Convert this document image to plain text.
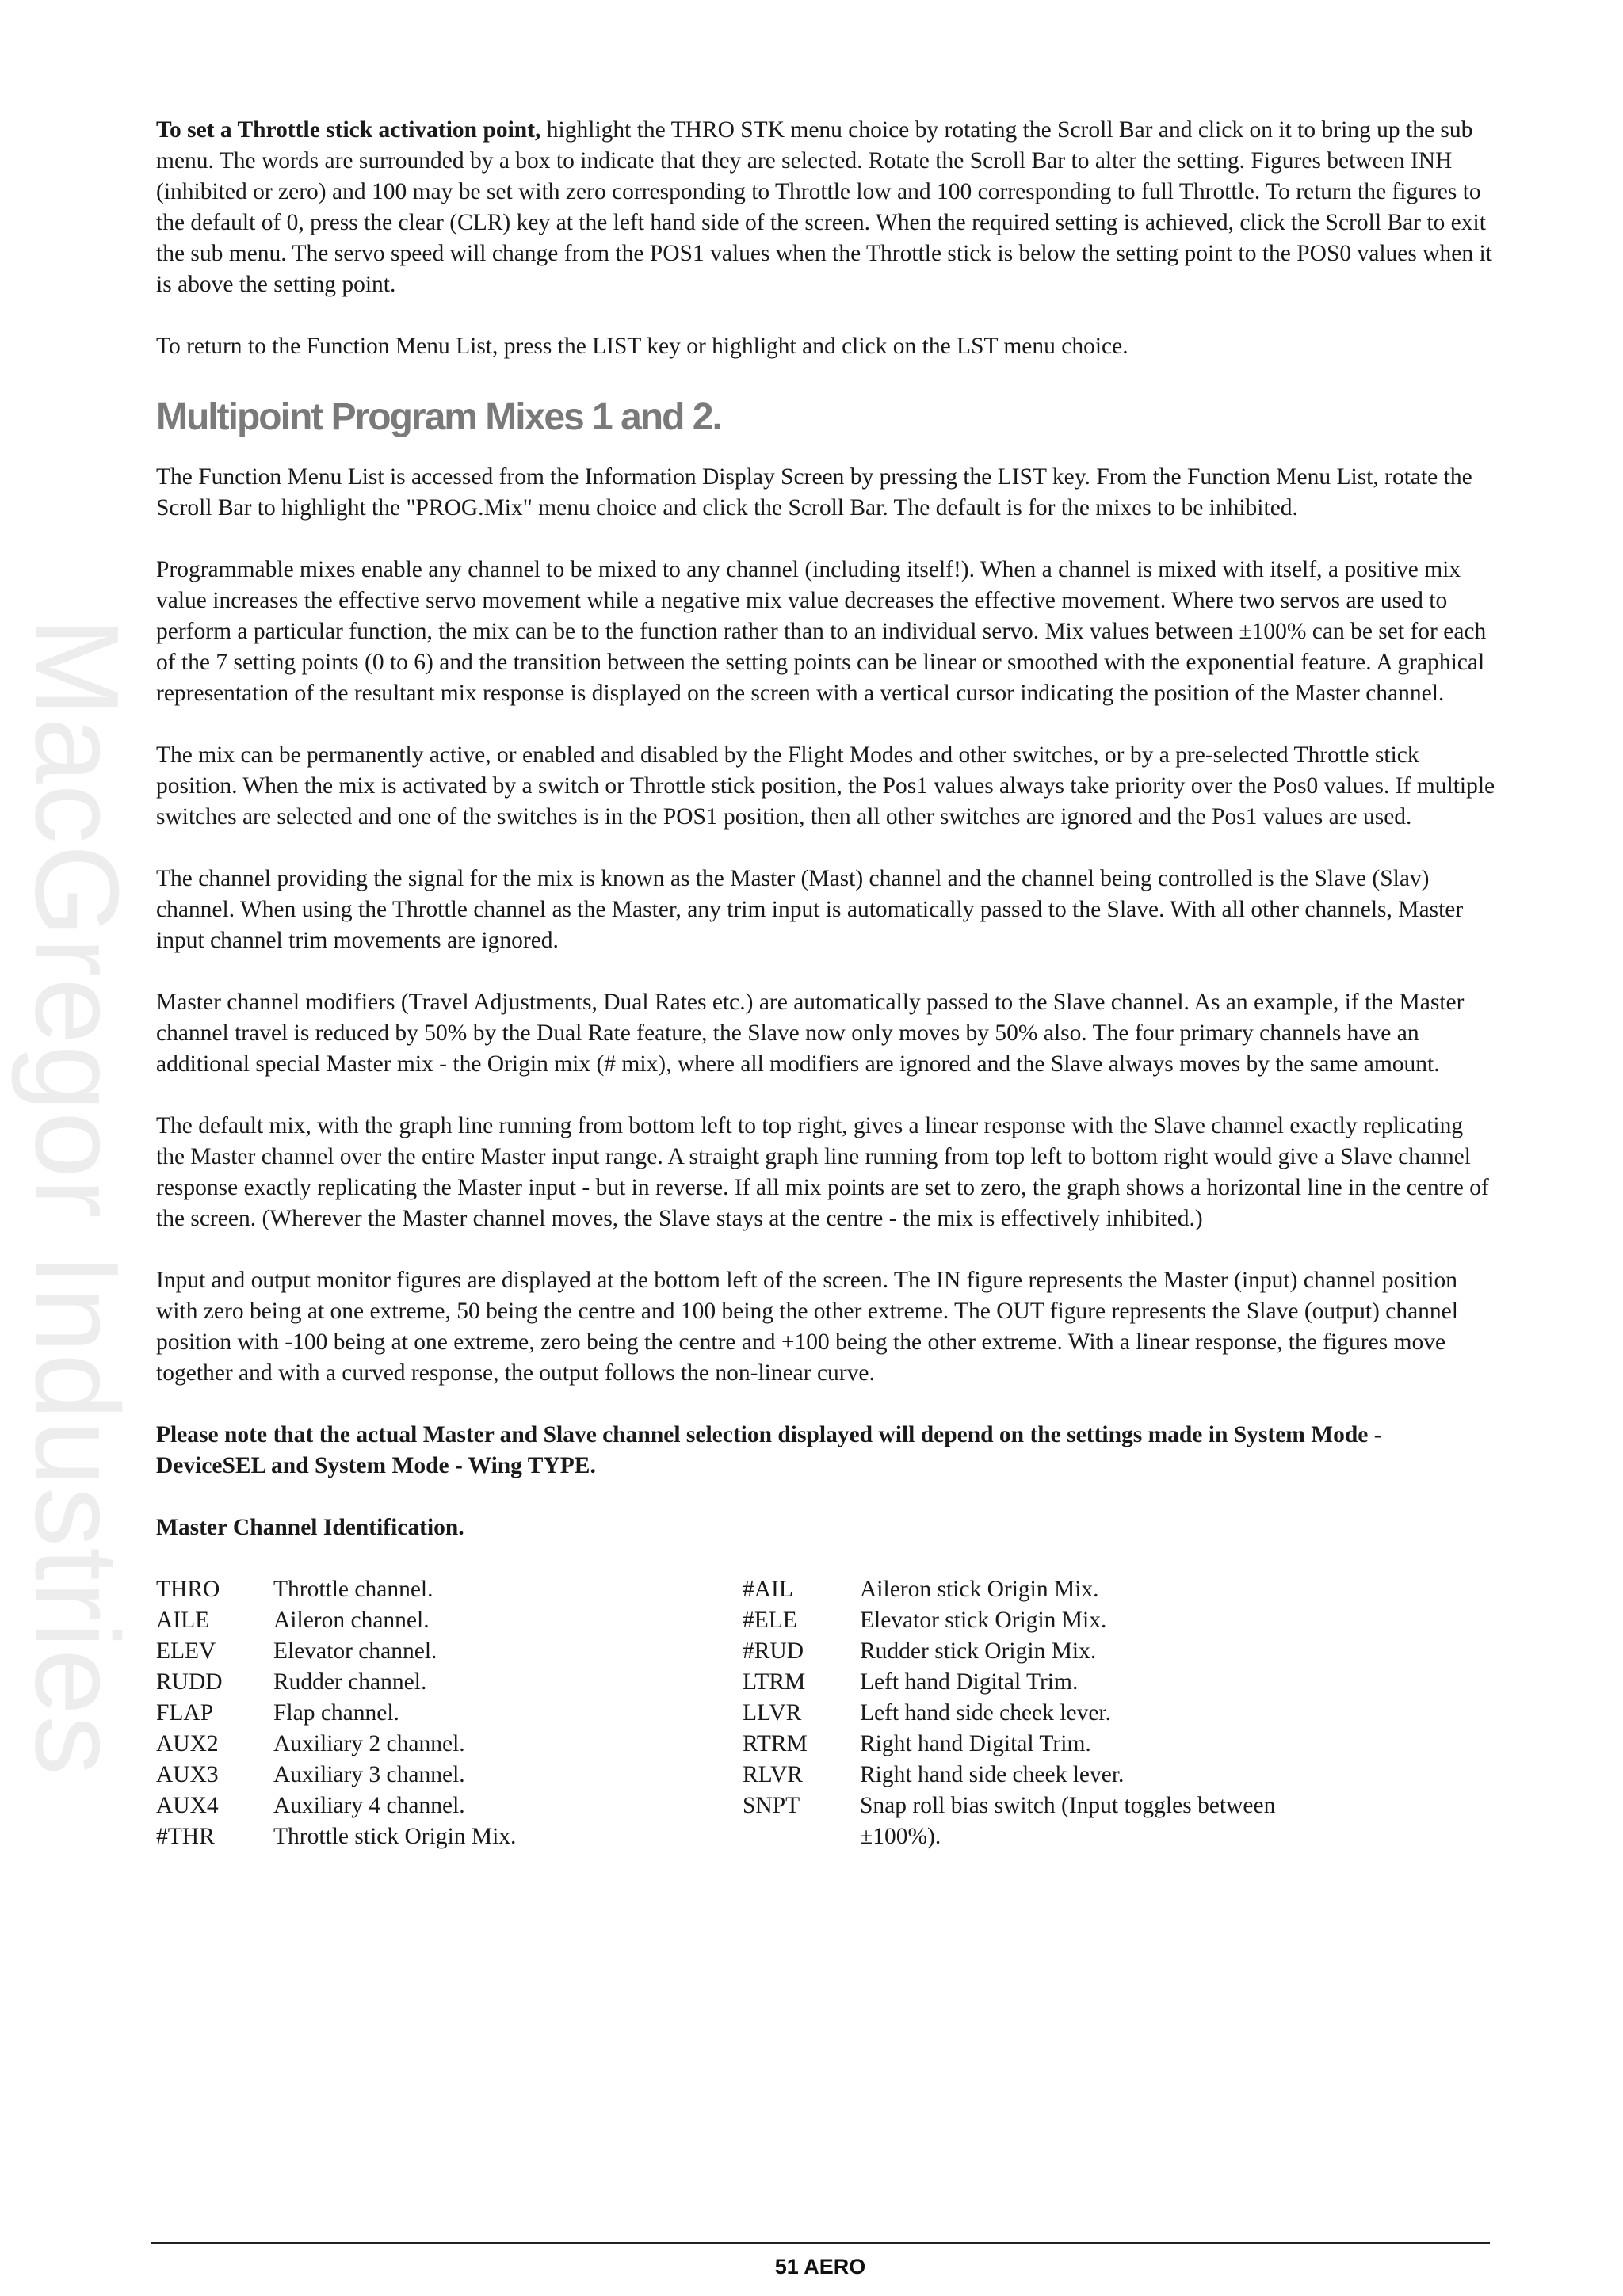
MacGregor Industries

To set a Throttle stick activation point, highlight the THRO STK menu choice by rotating the Scroll Bar and click on it to bring up the sub menu. The words are surrounded by a box to indicate that they are selected. Rotate the Scroll Bar to alter the setting. Figures between INH (inhibited or zero) and 100 may be set with zero corresponding to Throttle low and 100 corresponding to full Throttle. To return the figures to the default of 0, press the clear (CLR) key at the left hand side of the screen. When the required setting is achieved, click the Scroll Bar to exit the sub menu. The servo speed will change from the POS1 values when the Throttle stick is below the setting point to the POS0 values when it is above the setting point.

To return to the Function Menu List, press the LIST key or highlight and click on the LST menu choice.

Multipoint Program Mixes 1 and 2.

The Function Menu List is accessed from the Information Display Screen by pressing the LIST key. From the Function Menu List, rotate the Scroll Bar to highlight the "PROG.Mix" menu choice and click the Scroll Bar. The default is for the mixes to be inhibited.

Programmable mixes enable any channel to be mixed to any channel (including itself!). When a channel is mixed with itself, a positive mix value increases the effective servo movement while a negative mix value decreases the effective movement. Where two servos are used to perform a particular function, the mix can be to the function rather than to an individual servo. Mix values between ±100% can be set for each of the 7 setting points (0 to 6) and the transition between the setting points can be linear or smoothed with the exponential feature. A graphical representation of the resultant mix response is displayed on the screen with a vertical cursor indicating the position of the Master channel.

The mix can be permanently active, or enabled and disabled by the Flight Modes and other switches, or by a pre-selected Throttle stick position. When the mix is activated by a switch or Throttle stick position, the Pos1 values always take priority over the Pos0 values. If multiple switches are selected and one of the switches is in the POS1 position, then all other switches are ignored and the Pos1 values are used.

The channel providing the signal for the mix is known as the Master (Mast) channel and the channel being controlled is the Slave (Slav) channel. When using the Throttle channel as the Master, any trim input is automatically passed to the Slave. With all other channels, Master input channel trim movements are ignored.

Master channel modifiers (Travel Adjustments, Dual Rates etc.) are automatically passed to the Slave channel. As an example, if the Master channel travel is reduced by 50% by the Dual Rate feature, the Slave now only moves by 50% also. The four primary channels have an additional special Master mix - the Origin mix (# mix), where all modifiers are ignored and the Slave always moves by the same amount.

The default mix, with the graph line running from bottom left to top right, gives a linear response with the Slave channel exactly replicating the Master channel over the entire Master input range. A straight graph line running from top left to bottom right would give a Slave channel response exactly replicating the Master input - but in reverse. If all mix points are set to zero, the graph shows a horizontal line in the centre of the screen. (Wherever the Master channel moves, the Slave stays at the centre - the mix is effectively inhibited.)

Input and output monitor figures are displayed at the bottom left of the screen. The IN figure represents the Master (input) channel position with zero being at one extreme, 50 being the centre and 100 being the other extreme. The OUT figure represents the Slave (output) channel position with -100 being at one extreme, zero being the centre and +100 being the other extreme. With a linear response, the figures move together and with a curved response, the output follows the non-linear curve.

Please note that the actual Master and Slave channel selection displayed will depend on the settings made in System Mode - DeviceSEL and System Mode - Wing TYPE.

Master Channel Identification.

THRO	Throttle channel.
AILE	Aileron channel.
ELEV	Elevator channel.
RUDD	Rudder channel.
FLAP	Flap channel.
AUX2	Auxiliary 2 channel.
AUX3	Auxiliary 3 channel.
AUX4	Auxiliary 4 channel.
#THR	Throttle stick Origin Mix.
#AIL	Aileron stick Origin Mix.
#ELE	Elevator stick Origin Mix.
#RUD	Rudder stick Origin Mix.
LTRM	Left hand Digital Trim.
LLVR	Left hand side cheek lever.
RTRM	Right hand Digital Trim.
RLVR	Right hand side cheek lever.
SNPT	Snap roll bias switch (Input toggles between ±100%).
51 AERO
